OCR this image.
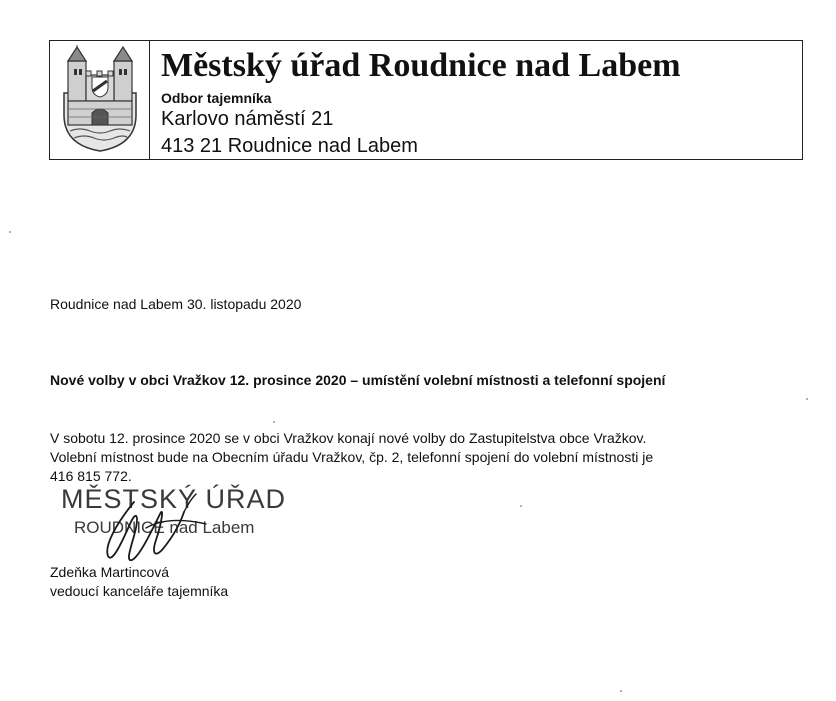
Městský úřad Roudnice nad Labem
Odbor tajemníka
Karlovo náměstí 21
413 21 Roudnice nad Labem
Roudnice nad Labem 30. listopadu 2020
Nové volby v obci Vražkov 12. prosince 2020 – umístění volební místnosti a telefonní spojení
V sobotu 12. prosince 2020 se v obci Vražkov konají nové volby do Zastupitelstva obce Vražkov.
Volební místnost bude na Obecním úřadu Vražkov, čp. 2, telefonní spojení do volební místnosti je
416 815 772.
MĚSTSKÝ ÚŘAD
ROUDNICE nad Labem
Zdeňka Martincová
vedoucí kanceláře tajemníka
